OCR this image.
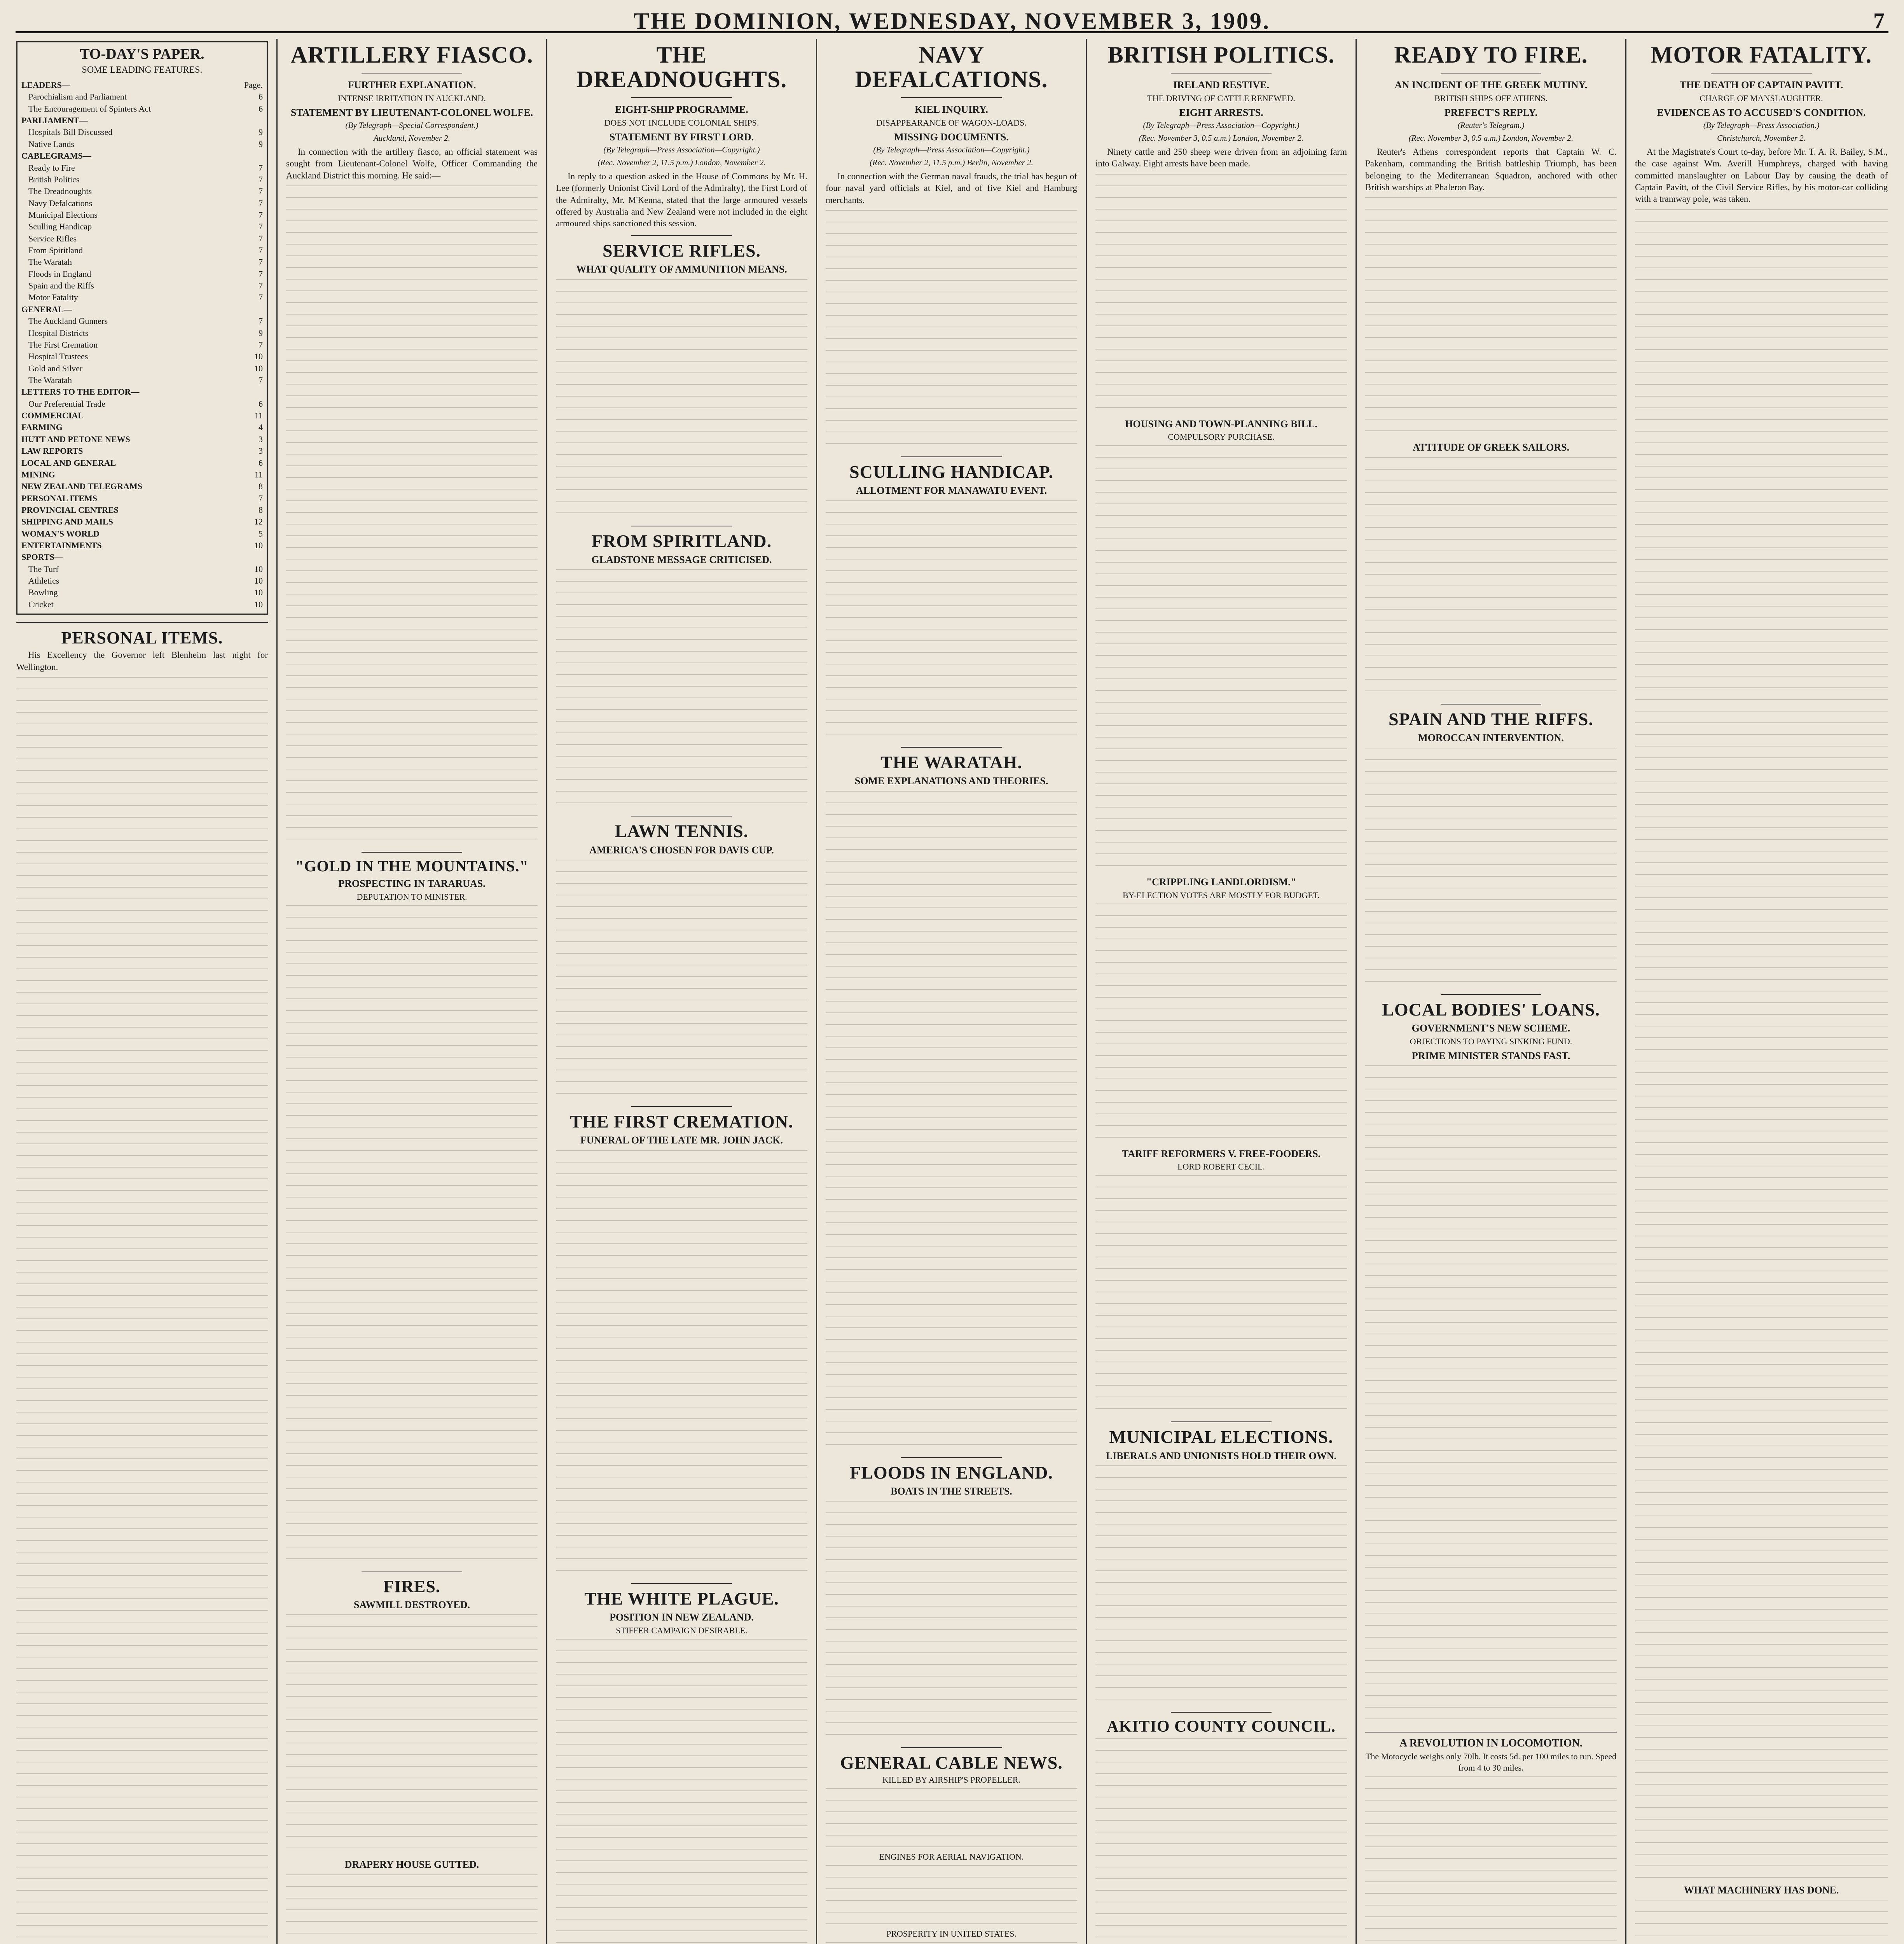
THE DOMINION, WEDNESDAY, NOVEMBER 3, 1909.	7
TO-DAY'S PAPER.
SOME LEADING FEATURES.
LEADERS—	Page.
Parochialism and Parliament	6
The Encouragement of Spinters Act	6
PARLIAMENT—
Hospitals Bill Discussed	9
Native Lands	9
CABLEGRAMS—
Ready to Fire	7
British Politics	7
The Dreadnoughts	7
Navy Defalcations	7
Municipal Elections	7
Sculling Handicap	7
Service Rifles	7
From Spiritland	7
The Waratah	7
Floods in England	7
Spain and the Riffs	7
Motor Fatality	7
GENERAL—
The Auckland Gunners	7
Hospital Districts	9
The First Cremation	7
Hospital Trustees	10
Gold and Silver	10
The Waratah	7
LETTERS TO THE EDITOR—
Our Preferential Trade	6
COMMERCIAL	11
FARMING	4
HUTT AND PETONE NEWS	3
LAW REPORTS	3
LOCAL AND GENERAL	6
MINING	11
NEW ZEALAND TELEGRAMS	8
PERSONAL ITEMS	7
PROVINCIAL CENTRES	8
SHIPPING AND MAILS	12
WOMAN'S WORLD	5
ENTERTAINMENTS	10
SPORTS—
The Turf	10
Athletics	10
Bowling	10
Cricket	10
PERSONAL ITEMS.

His Excellency the Governor left Blenheim last night for Wellington.

ARTILLERY FIASCO.
FURTHER EXPLANATION.
INTENSE IRRITATION IN AUCKLAND.
STATEMENT BY LIEUTENANT-COLONEL WOLFE.
(By Telegraph—Special Correspondent.)
Auckland, November 2.

In connection with the artillery fiasco, an official statement was sought from Lieutenant-Colonel Wolfe, Officer Commanding the Auckland District this morning. He said:—

"GOLD IN THE MOUNTAINS."
PROSPECTING IN TARARUAS.
DEPUTATION TO MINISTER.
FIRES.
SAWMILL DESTROYED.
DRAPERY HOUSE GUTTED.
THE DREADNOUGHTS.
EIGHT-SHIP PROGRAMME.
DOES NOT INCLUDE COLONIAL SHIPS.
STATEMENT BY FIRST LORD.
(By Telegraph—Press Association—Copyright.)
(Rec. November 2, 11.5 p.m.) London, November 2.

In reply to a question asked in the House of Commons by Mr. H. Lee (formerly Unionist Civil Lord of the Admiralty), the First Lord of the Admiralty, Mr. M'Kenna, stated that the large armoured vessels offered by Australia and New Zealand were not included in the eight armoured ships sanctioned this session.

SERVICE RIFLES.
WHAT QUALITY OF AMMUNITION MEANS.
FROM SPIRITLAND.
GLADSTONE MESSAGE CRITICISED.
LAWN TENNIS.
AMERICA'S CHOSEN FOR DAVIS CUP.
THE FIRST CREMATION.
FUNERAL OF THE LATE MR. JOHN JACK.
THE WHITE PLAGUE.
POSITION IN NEW ZEALAND.
STIFFER CAMPAIGN DESIRABLE.
NAVY DEFALCATIONS.
KIEL INQUIRY.
DISAPPEARANCE OF WAGON-LOADS.
MISSING DOCUMENTS.
(By Telegraph—Press Association—Copyright.)
(Rec. November 2, 11.5 p.m.) Berlin, November 2.

In connection with the German naval frauds, the trial has begun of four naval yard officials at Kiel, and of five Kiel and Hamburg merchants.

SCULLING HANDICAP.
ALLOTMENT FOR MANAWATU EVENT.
THE WARATAH.
SOME EXPLANATIONS AND THEORIES.
FLOODS IN ENGLAND.
BOATS IN THE STREETS.
GENERAL CABLE NEWS.
KILLED BY AIRSHIP'S PROPELLER.
ENGINES FOR AERIAL NAVIGATION.
PROSPERITY IN UNITED STATES.
BRITISH POLITICS.
IRELAND RESTIVE.
THE DRIVING OF CATTLE RENEWED.
EIGHT ARRESTS.
(By Telegraph—Press Association—Copyright.)
(Rec. November 3, 0.5 a.m.) London, November 2.

Ninety cattle and 250 sheep were driven from an adjoining farm into Galway. Eight arrests have been made.

HOUSING AND TOWN-PLANNING BILL.
COMPULSORY PURCHASE.
"CRIPPLING LANDLORDISM."
BY-ELECTION VOTES ARE MOSTLY FOR BUDGET.
TARIFF REFORMERS V. FREE-FOODERS.
LORD ROBERT CECIL.
MUNICIPAL ELECTIONS.
LIBERALS AND UNIONISTS HOLD THEIR OWN.
AKITIO COUNTY COUNCIL.
READY TO FIRE.
AN INCIDENT OF THE GREEK MUTINY.
BRITISH SHIPS OFF ATHENS.
PREFECT'S REPLY.
(Reuter's Telegram.)
(Rec. November 3, 0.5 a.m.) London, November 2.

Reuter's Athens correspondent reports that Captain W. C. Pakenham, commanding the British battleship Triumph, has been belonging to the Mediterranean Squadron, anchored with other British warships at Phaleron Bay.

ATTITUDE OF GREEK SAILORS.
SPAIN AND THE RIFFS.
MOROCCAN INTERVENTION.
LOCAL BODIES' LOANS.
GOVERNMENT'S NEW SCHEME.
OBJECTIONS TO PAYING SINKING FUND.
PRIME MINISTER STANDS FAST.
A REVOLUTION IN LOCOMOTION.
The Motocycle weighs only 70lb. It costs 5d. per 100 miles to run. Speed from 4 to 30 miles.
MOTOR FATALITY.
THE DEATH OF CAPTAIN PAVITT.
CHARGE OF MANSLAUGHTER.
EVIDENCE AS TO ACCUSED'S CONDITION.
(By Telegraph—Press Association.)
Christchurch, November 2.

At the Magistrate's Court to-day, before Mr. T. A. R. Bailey, S.M., the case against Wm. Averill Humphreys, charged with having committed manslaughter on Labour Day by causing the death of Captain Pavitt, of the Civil Service Rifles, by his motor-car colliding with a tramway pole, was taken.

WHAT MACHINERY HAS DONE.
